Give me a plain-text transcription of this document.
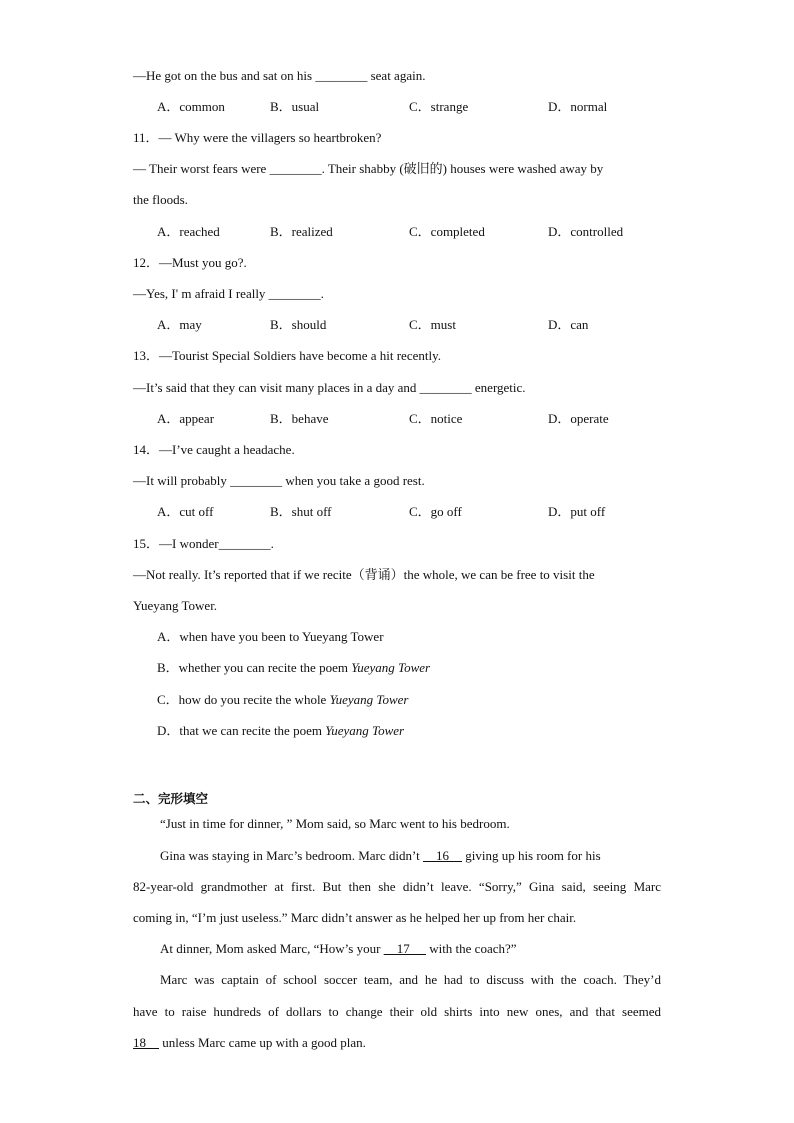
—He got on the bus and sat on his ________ seat again.
A．common	B．usual	C．strange	D．normal
11．— Why were the villagers so heartbroken?
— Their worst fears were ________. Their shabby (破旧的) houses were washed away by
the floods.
A．reached	B．realized	C．completed	D．controlled
12．—Must you go?.
—Yes, I' m afraid I really ________.
A．may	B．should	C．must	D．can
13．—Tourist Special Soldiers have become a hit recently.
—It’s said that they can visit many places in a day and ________ energetic.
A．appear	B．behave	C．notice	D．operate
14．—I’ve caught a headache.
—It will probably ________ when you take a good rest.
A．cut off	B．shut off	C．go off	D．put off
15．—I wonder________.
—Not really. It’s reported that if we recite（背诵）the whole, we can be free to visit the
Yueyang Tower.
A．when have you been to Yueyang Tower
B．whether you can recite the poem Yueyang Tower
C．how do you recite the whole Yueyang Tower
D．that we can recite the poem Yueyang Tower
二、完形填空
“Just in time for dinner, ” Mom said, so Marc went to his bedroom.
Gina was staying in Marc’s bedroom. Marc didn’t     16     giving up his room for his
82-year-old grandmother at first. But then she didn’t leave. “Sorry,” Gina said, seeing Marc
coming in, “I’m just useless.” Marc didn’t answer as he helped her up from her chair.
At dinner, Mom asked Marc, “How’s your     17      with the coach?”
Marc was captain of school soccer team, and he had to discuss with the coach. They’d
have to raise hundreds of dollars to change their old shirts into new ones, and that seemed
18     unless Marc came up with a good plan.
